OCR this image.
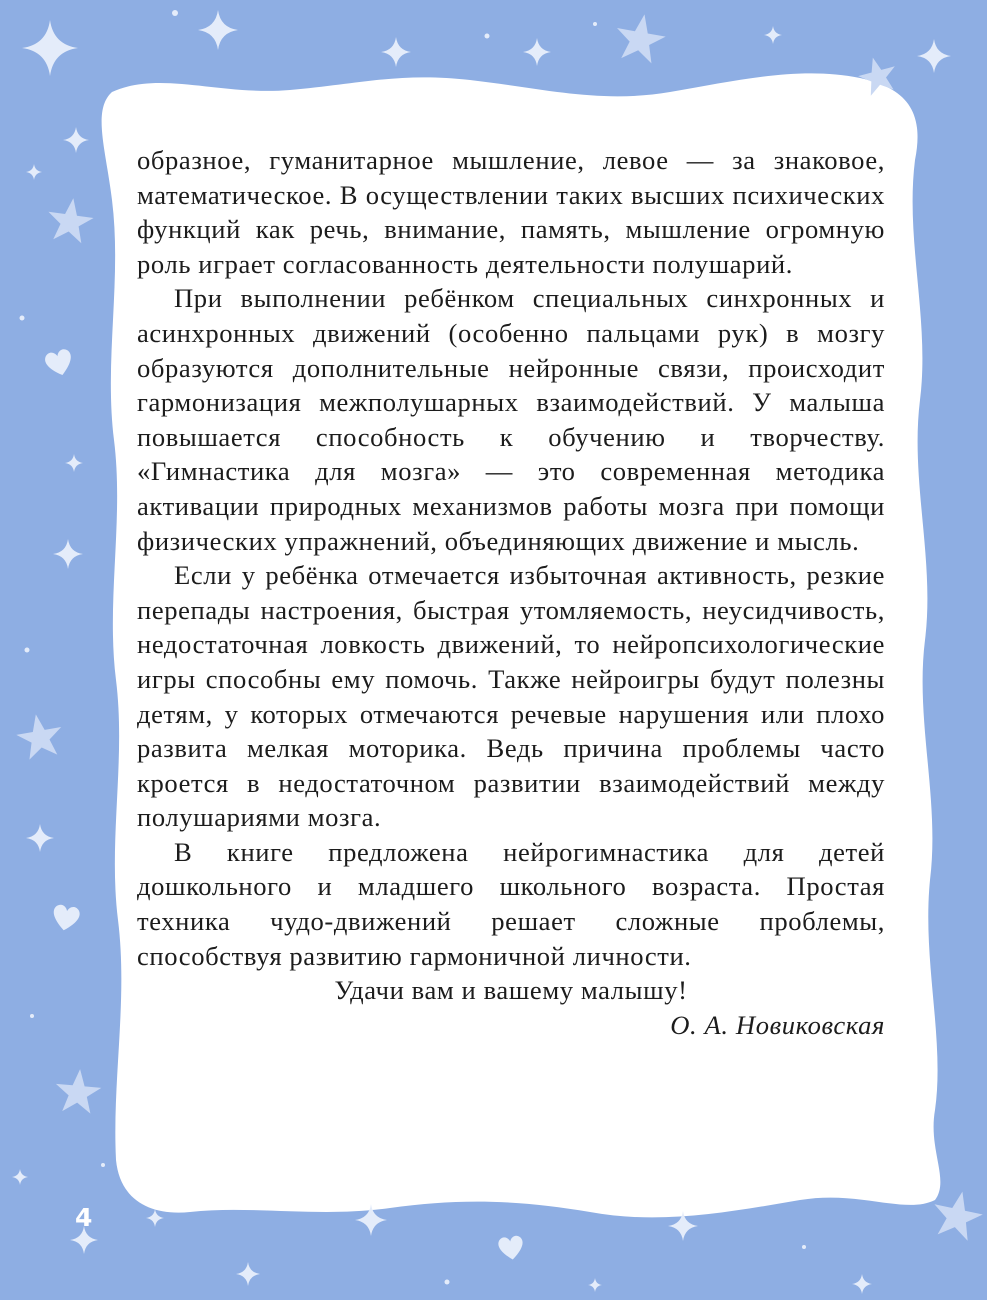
образное, гуманитарное мышление, левое — за знаковое, математическое. В осуществлении таких высших психических функций как речь, внимание, память, мышление огромную роль играет согласованность деятельности полушарий.

При выполнении ребёнком специальных синхронных и асинхронных движений (особенно пальцами рук) в мозгу образуются дополнительные нейронные связи, происходит гармонизация межполушарных взаимодействий. У малыша повышается способность к обучению и творчеству. «Гимнастика для мозга» — это современная методика активации природных механизмов работы мозга при помощи физических упражнений, объединяющих движение и мысль.

Если у ребёнка отмечается избыточная активность, резкие перепады настроения, быстрая утомляемость, неусидчивость, недостаточная ловкость движений, то нейропсихологические игры способны ему помочь. Также нейроигры будут полезны детям, у которых отмечаются речевые нарушения или плохо развита мелкая моторика. Ведь причина проблемы часто кроется в недостаточном развитии взаимодействий между полушариями мозга.

В книге предложена нейрогимнастика для детей дошкольного и младшего школьного возраста. Простая техника чудо-движений решает сложные проблемы, способствуя развитию гармоничной личности.

Удачи вам и вашему малышу!

О. А. Новиковская

4
